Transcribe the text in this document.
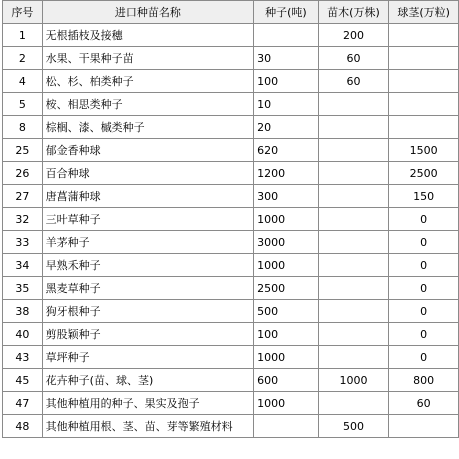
序号	进口种苗名称	种子(吨)	苗木(万株)	球茎(万粒)
1	无根插枝及接穗		200	
2	水果、干果种子苗	30	60	
4	松、杉、柏类种子	100	60	
5	桉、相思类种子	10		
8	棕榈、漆、槭类种子	20		
25	郁金香种球	620		1500
26	百合种球	1200		2500
27	唐菖蒲种球	300		150
32	三叶草种子	1000		0
33	羊茅种子	3000		0
34	早熟禾种子	1000		0
35	黑麦草种子	2500		0
38	狗牙根种子	500		0
40	剪股颖种子	100		0
43	草坪种子	1000		0
45	花卉种子(苗、球、茎)	600	1000	800
47	其他种植用的种子、果实及孢子	1000		60
48	其他种植用根、茎、苗、芽等繁殖材料		500	
